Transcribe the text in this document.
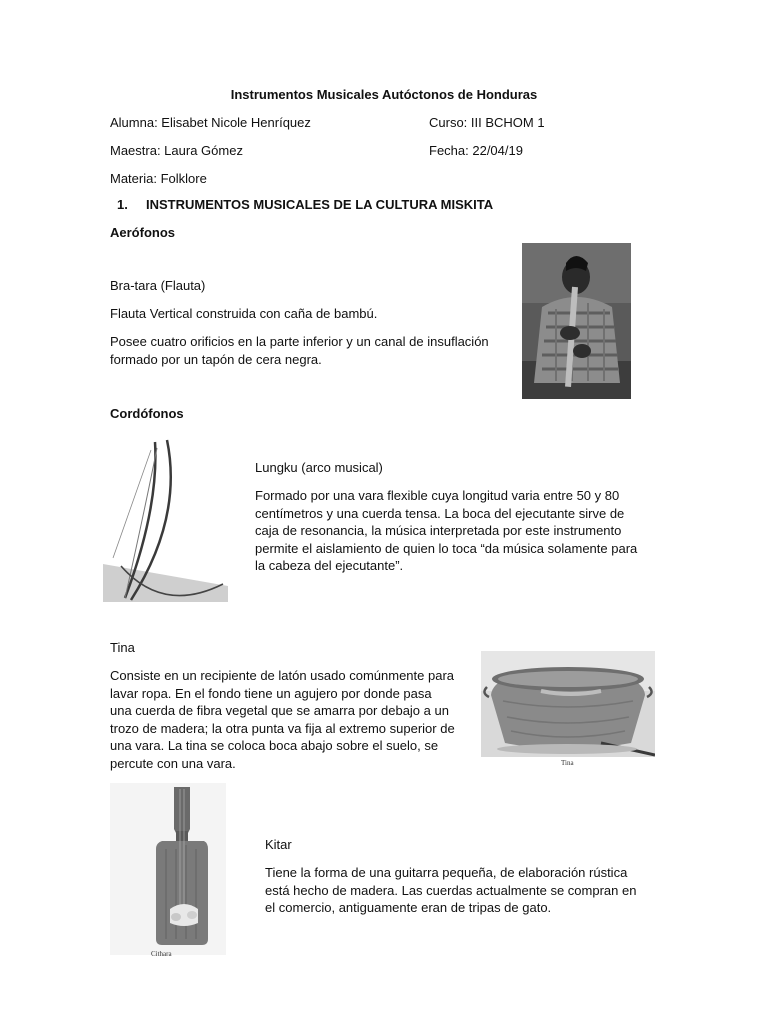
Instrumentos Musicales Autóctonos de Honduras
Alumna: Elisabet Nicole Henríquez	Curso: III BCHOM 1
Maestra: Laura Gómez	Fecha: 22/04/19
Materia: Folklore
1. INSTRUMENTOS MUSICALES DE LA CULTURA MISKITA
Aerófonos
Bra-tara (Flauta)
Flauta Vertical construida con caña de bambú.
Posee cuatro orificios en la parte inferior y un canal de insuflación formado por un tapón de cera negra.
Cordófonos
Lungku (arco musical)
Formado por una vara flexible cuya longitud varia entre 50 y 80 centímetros y una cuerda tensa. La boca del ejecutante sirve de caja de resonancia, la música interpretada por este instrumento permite el aislamiento de quien lo toca “da música solamente para la cabeza del ejecutante”.
Tina
Consiste en un recipiente de latón usado comúnmente para lavar ropa. En el fondo tiene un agujero por donde pasa una cuerda de fibra vegetal que se amarra por debajo a un trozo de madera; la otra punta va fija al extremo superior de una vara. La tina se coloca boca abajo sobre el suelo, se percute con una vara.	Tina
Cithara
Kitar
Tiene la forma de una guitarra pequeña, de elaboración rústica está hecho de madera. Las cuerdas actualmente se compran en el comercio, antiguamente eran de tripas de gato.
